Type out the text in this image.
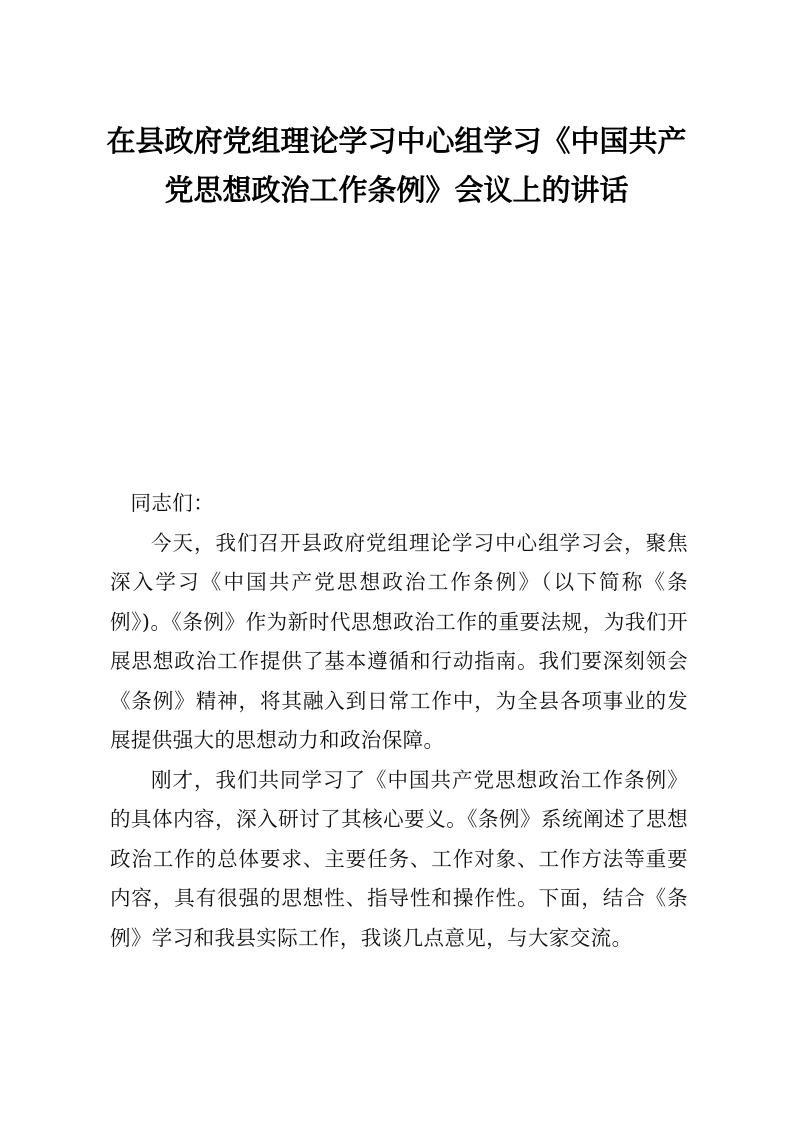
在县政府党组理论学习中心组学习《中国共产党思想政治工作条例》会议上的讲话

同志们：

今天，我们召开县政府党组理论学习中心组学习会，聚焦深入学习《中国共产党思想政治工作条例》（以下简称《条例》)。《条例》作为新时代思想政治工作的重要法规，为我们开展思想政治工作提供了基本遵循和行动指南。我们要深刻领会《条例》精神，将其融入到日常工作中，为全县各项事业的发展提供强大的思想动力和政治保障。

刚才，我们共同学习了《中国共产党思想政治工作条例》的具体内容，深入研讨了其核心要义。《条例》系统阐述了思想政治工作的总体要求、主要任务、工作对象、工作方法等重要内容，具有很强的思想性、指导性和操作性。下面，结合《条例》学习和我县实际工作，我谈几点意见，与大家交流。
